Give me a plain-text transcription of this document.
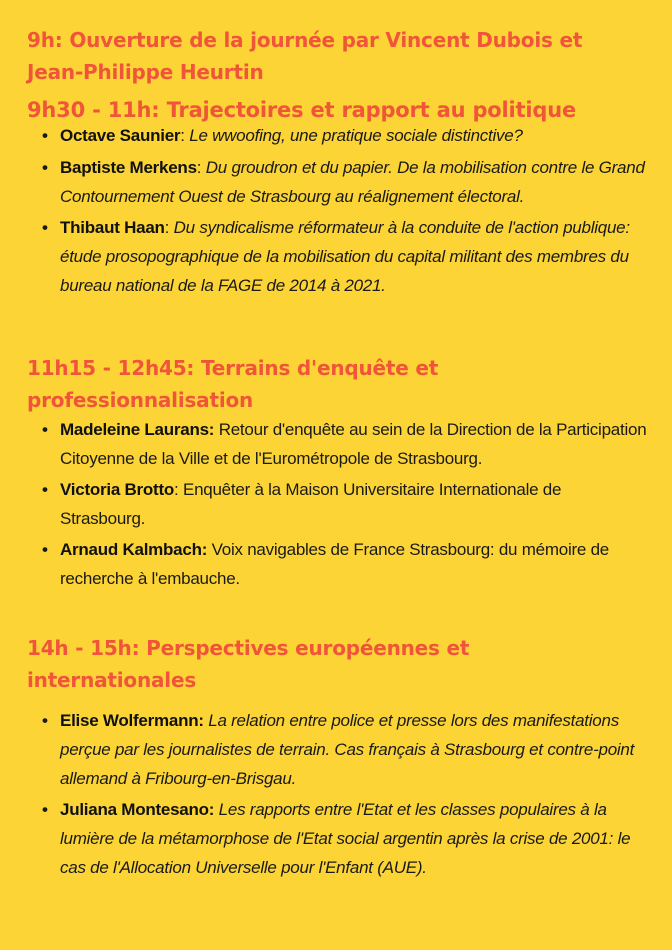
9h: Ouverture de la journée par Vincent Dubois et
Jean-Philippe Heurtin
9h30 - 11h: Trajectoires et rapport au politique
• Octave Saunier: Le wwoofing, une pratique sociale distinctive?
• Baptiste Merkens: Du groudron et du papier. De la mobilisation contre le Grand Contournement Ouest de Strasbourg au réalignement électoral.
• Thibaut Haan: Du syndicalisme réformateur à la conduite de l'action publique: étude prosopographique de la mobilisation du capital militant des membres du bureau national de la FAGE de 2014 à 2021.
11h15 - 12h45: Terrains d'enquête et
professionnalisation
• Madeleine Laurans: Retour d'enquête au sein de la Direction de la Participation Citoyenne de la Ville et de l'Eurométropole de Strasbourg.
• Victoria Brotto: Enquêter à la Maison Universitaire Internationale de Strasbourg.
• Arnaud Kalmbach: Voix navigables de France Strasbourg: du mémoire de recherche à l'embauche.
14h - 15h: Perspectives européennes et
internationales
• Elise Wolfermann: La relation entre police et presse lors des manifestations perçue par les journalistes de terrain. Cas français à Strasbourg et contre-point allemand à Fribourg-en-Brisgau.
• Juliana Montesano: Les rapports entre l'Etat et les classes populaires à la lumière de la métamorphose de l'Etat social argentin après la crise de 2001: le cas de l'Allocation Universelle pour l'Enfant (AUE).
